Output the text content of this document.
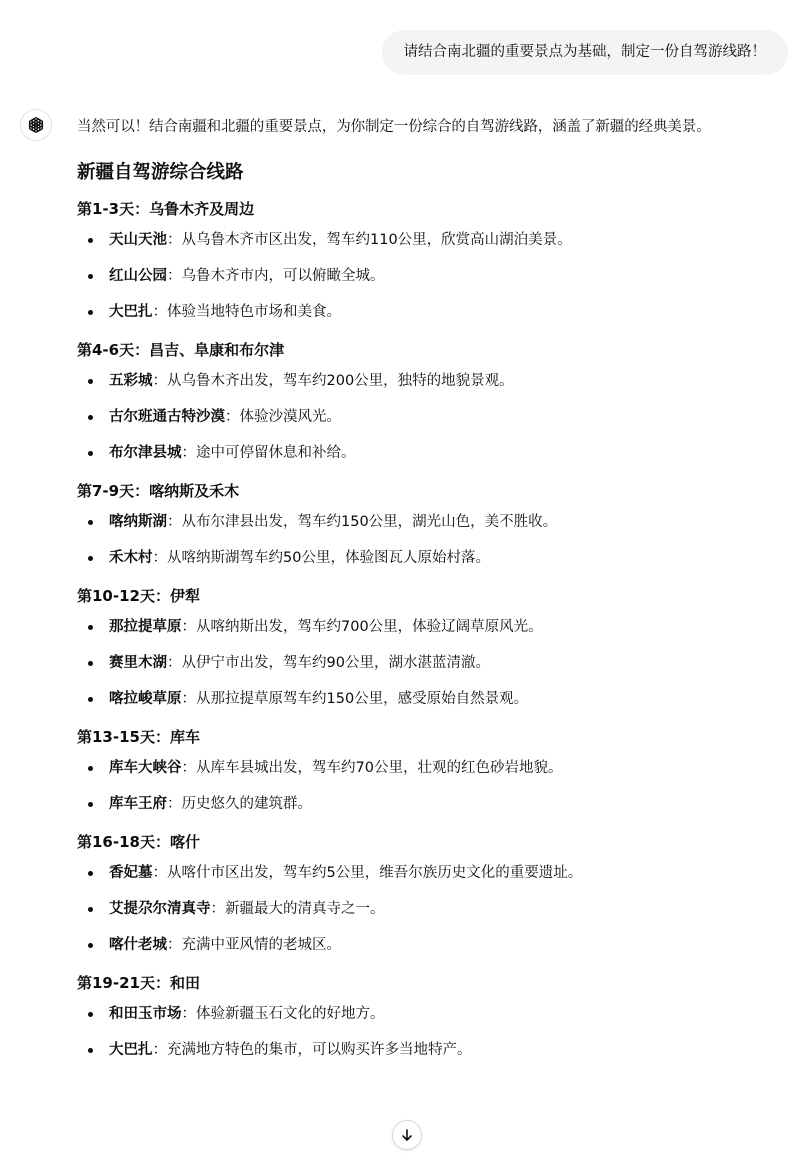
请结合南北疆的重要景点为基础，制定一份自驾游线路！

当然可以！结合南疆和北疆的重要景点，为你制定一份综合的自驾游线路，涵盖了新疆的经典美景。

新疆自驾游综合线路
第1-3天：乌鲁木齐及周边
天山天池：从乌鲁木齐市区出发，驾车约110公里，欣赏高山湖泊美景。
红山公园：乌鲁木齐市内，可以俯瞰全城。
大巴扎：体验当地特色市场和美食。
第4-6天：昌吉、阜康和布尔津
五彩城：从乌鲁木齐出发，驾车约200公里，独特的地貌景观。
古尔班通古特沙漠：体验沙漠风光。
布尔津县城：途中可停留休息和补给。
第7-9天：喀纳斯及禾木
喀纳斯湖：从布尔津县出发，驾车约150公里，湖光山色，美不胜收。
禾木村：从喀纳斯湖驾车约50公里，体验图瓦人原始村落。
第10-12天：伊犁
那拉提草原：从喀纳斯出发，驾车约700公里，体验辽阔草原风光。
赛里木湖：从伊宁市出发，驾车约90公里，湖水湛蓝清澈。
喀拉峻草原：从那拉提草原驾车约150公里，感受原始自然景观。
第13-15天：库车
库车大峡谷：从库车县城出发，驾车约70公里，壮观的红色砂岩地貌。
库车王府：历史悠久的建筑群。
第16-18天：喀什
香妃墓：从喀什市区出发，驾车约5公里，维吾尔族历史文化的重要遗址。
艾提尕尔清真寺：新疆最大的清真寺之一。
喀什老城：充满中亚风情的老城区。
第19-21天：和田
和田玉市场：体验新疆玉石文化的好地方。
大巴扎：充满地方特色的集市，可以购买许多当地特产。
